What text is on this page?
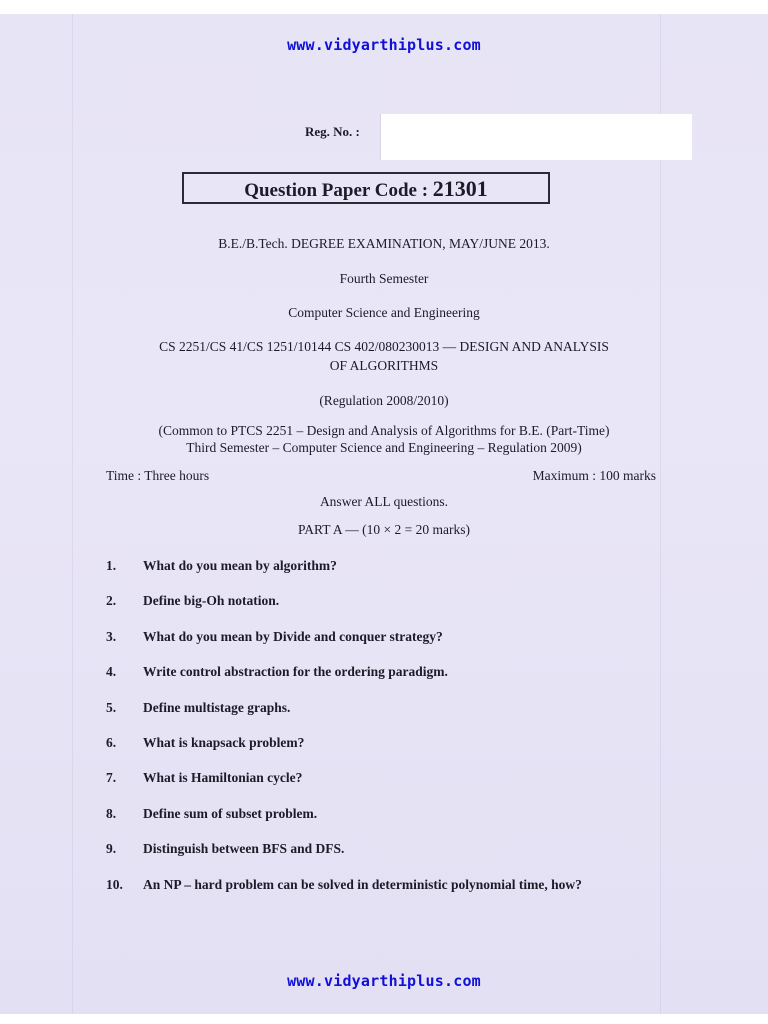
www.vidyarthiplus.com
Reg. No. :
Question Paper Code : 21301
B.E./B.Tech. DEGREE EXAMINATION, MAY/JUNE 2013.
Fourth Semester
Computer Science and Engineering
CS 2251/CS 41/CS 1251/10144 CS 402/080230013 — DESIGN AND ANALYSIS
OF ALGORITHMS
(Regulation 2008/2010)
(Common to PTCS 2251 – Design and Analysis of Algorithms for B.E. (Part-Time)
Third Semester – Computer Science and Engineering – Regulation 2009)
Time : Three hours	Maximum : 100 marks
Answer ALL questions.
PART A — (10 × 2 = 20 marks)
1.	What do you mean by algorithm?
2.	Define big-Oh notation.
3.	What do you mean by Divide and conquer strategy?
4.	Write control abstraction for the ordering paradigm.
5.	Define multistage graphs.
6.	What is knapsack problem?
7.	What is Hamiltonian cycle?
8.	Define sum of subset problem.
9.	Distinguish between BFS and DFS.
10.	An NP – hard problem can be solved in deterministic polynomial time, how?
www.vidyarthiplus.com
